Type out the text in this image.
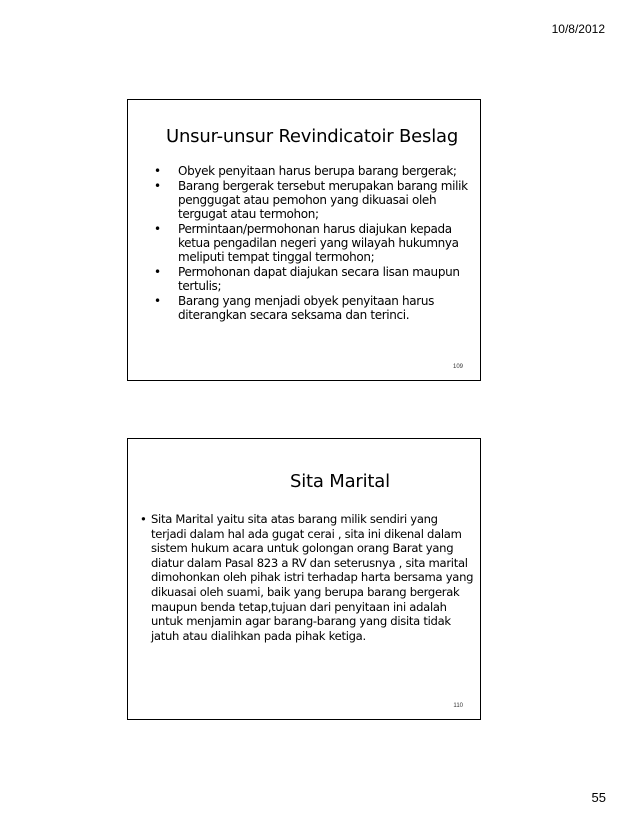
10/8/2012
Unsur-unsur Revindicatoir Beslag
• Obyek penyitaan harus berupa barang bergerak;
• Barang bergerak tersebut merupakan barang milik penggugat atau pemohon yang dikuasai oleh tergugat atau termohon;
• Permintaan/permohonan harus diajukan kepada ketua pengadilan negeri yang wilayah hukumnya meliputi tempat tinggal termohon;
• Permohonan dapat diajukan secara lisan maupun tertulis;
• Barang yang menjadi obyek penyitaan harus diterangkan secara seksama dan terinci.
109
Sita Marital
• Sita Marital yaitu sita atas barang milik sendiri yang terjadi dalam hal ada gugat cerai , sita ini dikenal dalam sistem hukum acara untuk golongan orang Barat yang diatur dalam Pasal 823 a RV dan seterusnya , sita marital dimohonkan oleh pihak istri terhadap harta bersama yang dikuasai oleh suami, baik yang berupa barang bergerak maupun benda tetap,tujuan dari penyitaan ini adalah untuk menjamin agar barang-barang yang disita tidak jatuh atau dialihkan pada pihak ketiga.
110
55
